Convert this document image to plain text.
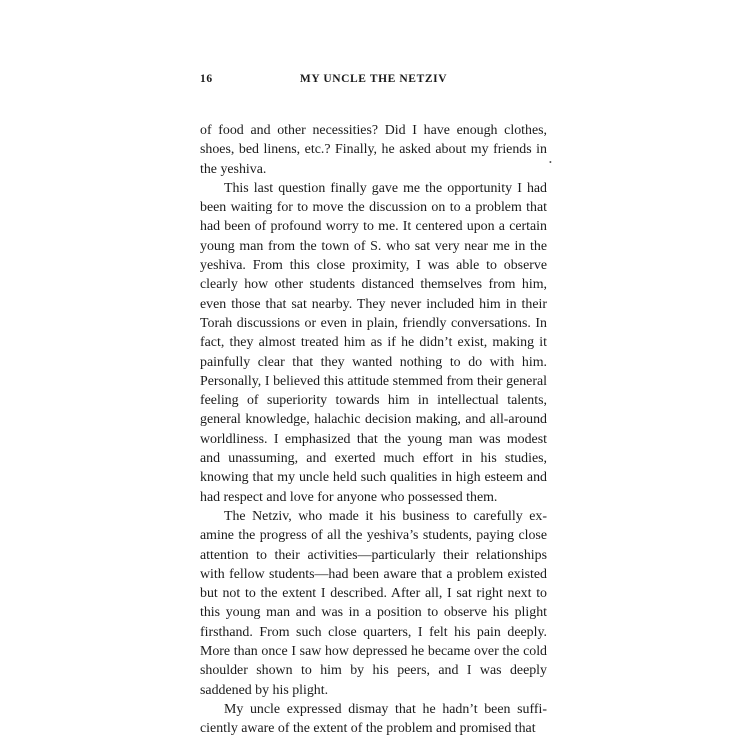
16	MY UNCLE THE NETZIV

of food and other necessities? Did I have enough clothes, shoes, bed linens, etc.? Finally, he asked about my friends in the yeshiva.

This last question finally gave me the opportunity I had been waiting for to move the discussion on to a problem that had been of profound worry to me. It centered upon a certain young man from the town of S. who sat very near me in the yeshiva. From this close proximity, I was able to observe clearly how other students distanced themselves from him, even those that sat nearby. They never included him in their Torah discussions or even in plain, friendly conversations. In fact, they almost treated him as if he didn’t exist, making it painfully clear that they wanted nothing to do with him. Personally, I believed this attitude stemmed from their general feeling of superiority towards him in intellectual talents, general knowledge, halachic decision making, and all-around worldliness. I emphasized that the young man was modest and unassuming, and exerted much effort in his studies, knowing that my uncle held such qualities in high esteem and had respect and love for anyone who possessed them.

The Netziv, who made it his business to carefully examine the progress of all the yeshiva’s students, paying close attention to their activities—particularly their relationships with fellow students—had been aware that a problem existed but not to the extent I described. After all, I sat right next to this young man and was in a position to observe his plight firsthand. From such close quarters, I felt his pain deeply. More than once I saw how depressed he became over the cold shoulder shown to him by his peers, and I was deeply saddened by his plight.

My uncle expressed dismay that he hadn’t been sufficiently aware of the extent of the problem and promised that

•
